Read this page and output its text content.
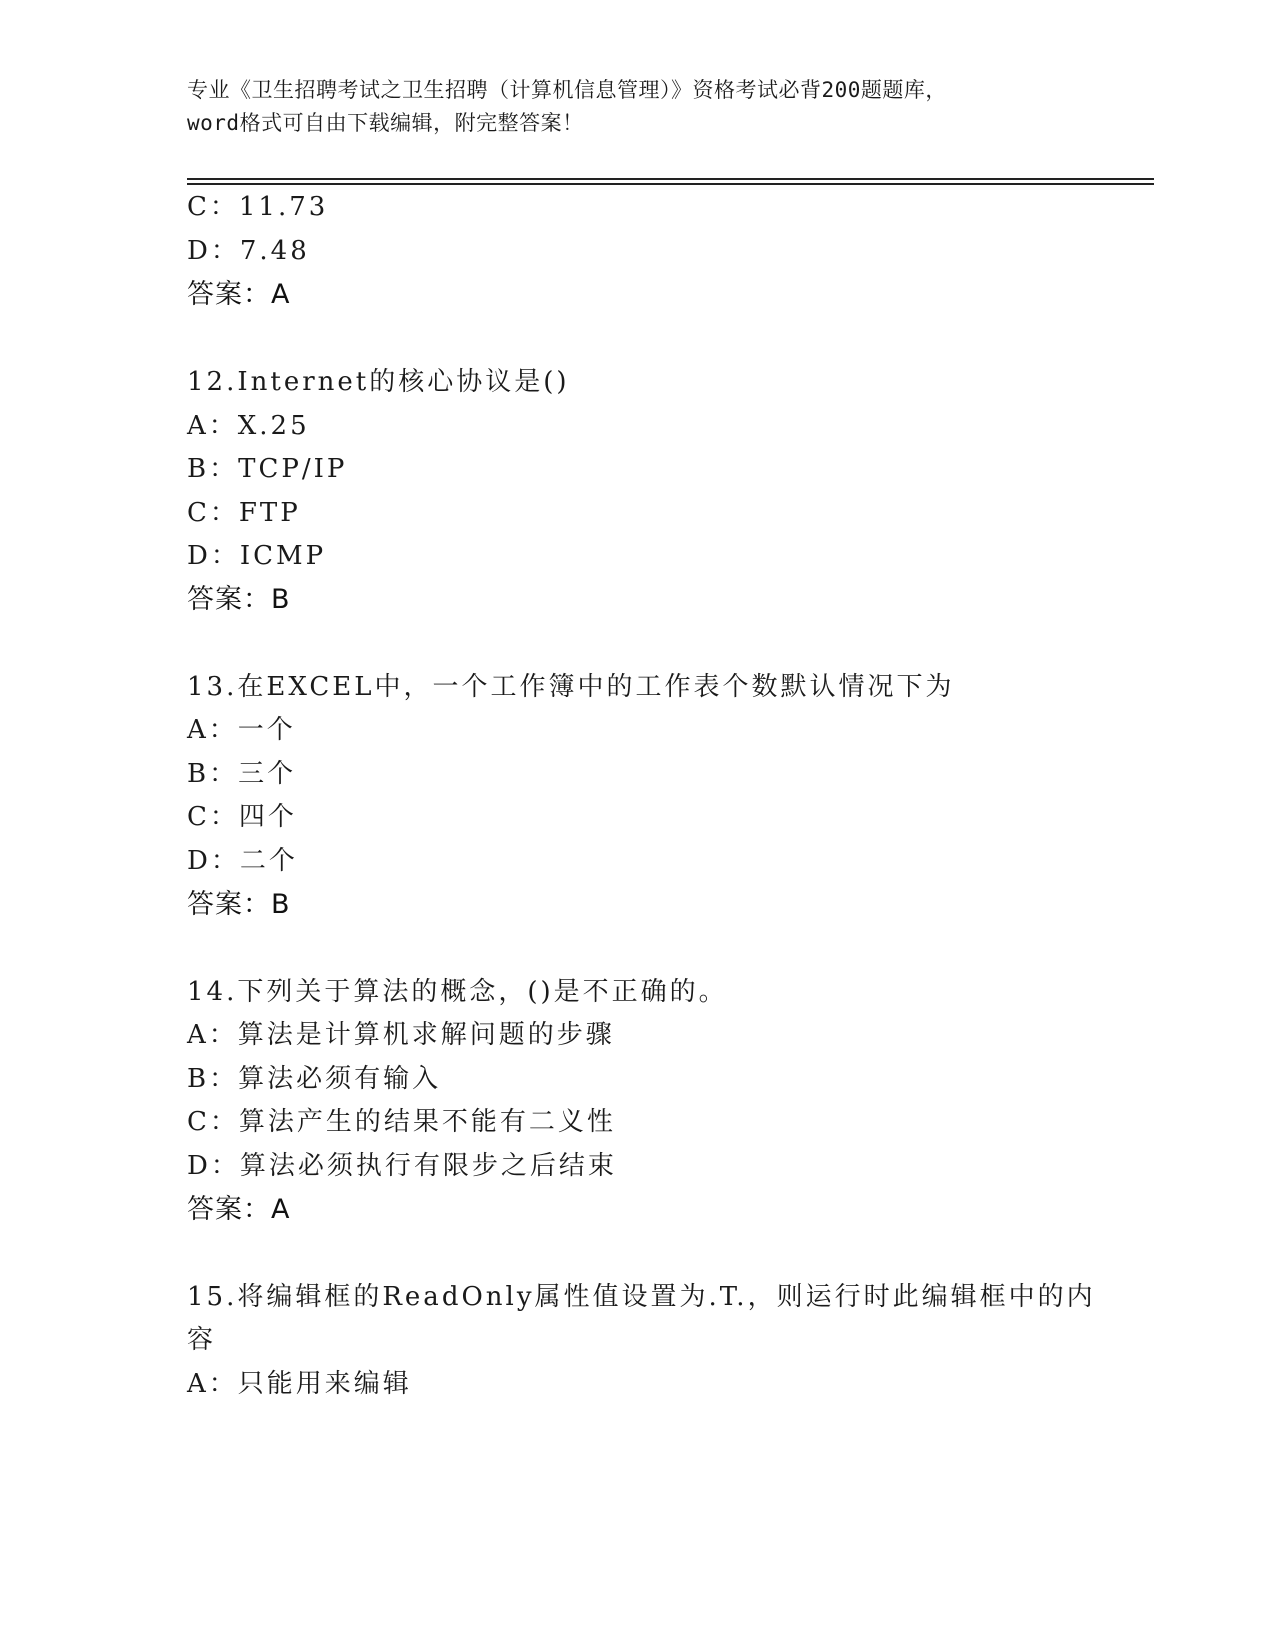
专业《卫生招聘考试之卫生招聘（计算机信息管理）》资格考试必背200题题库，
word格式可自由下载编辑，附完整答案！
C：11.73
D：7.48
答案：A
12.Internet的核心协议是()
A：X.25
B：TCP/IP
C：FTP
D：ICMP
答案：B
13.在EXCEL中，一个工作簿中的工作表个数默认情况下为
A：一个
B：三个
C：四个
D：二个
答案：B
14.下列关于算法的概念，()是不正确的。
A：算法是计算机求解问题的步骤
B：算法必须有输入
C：算法产生的结果不能有二义性
D：算法必须执行有限步之后结束
答案：A
15.将编辑框的ReadOnly属性值设置为.T.，则运行时此编辑框中的内
容
A：只能用来编辑
